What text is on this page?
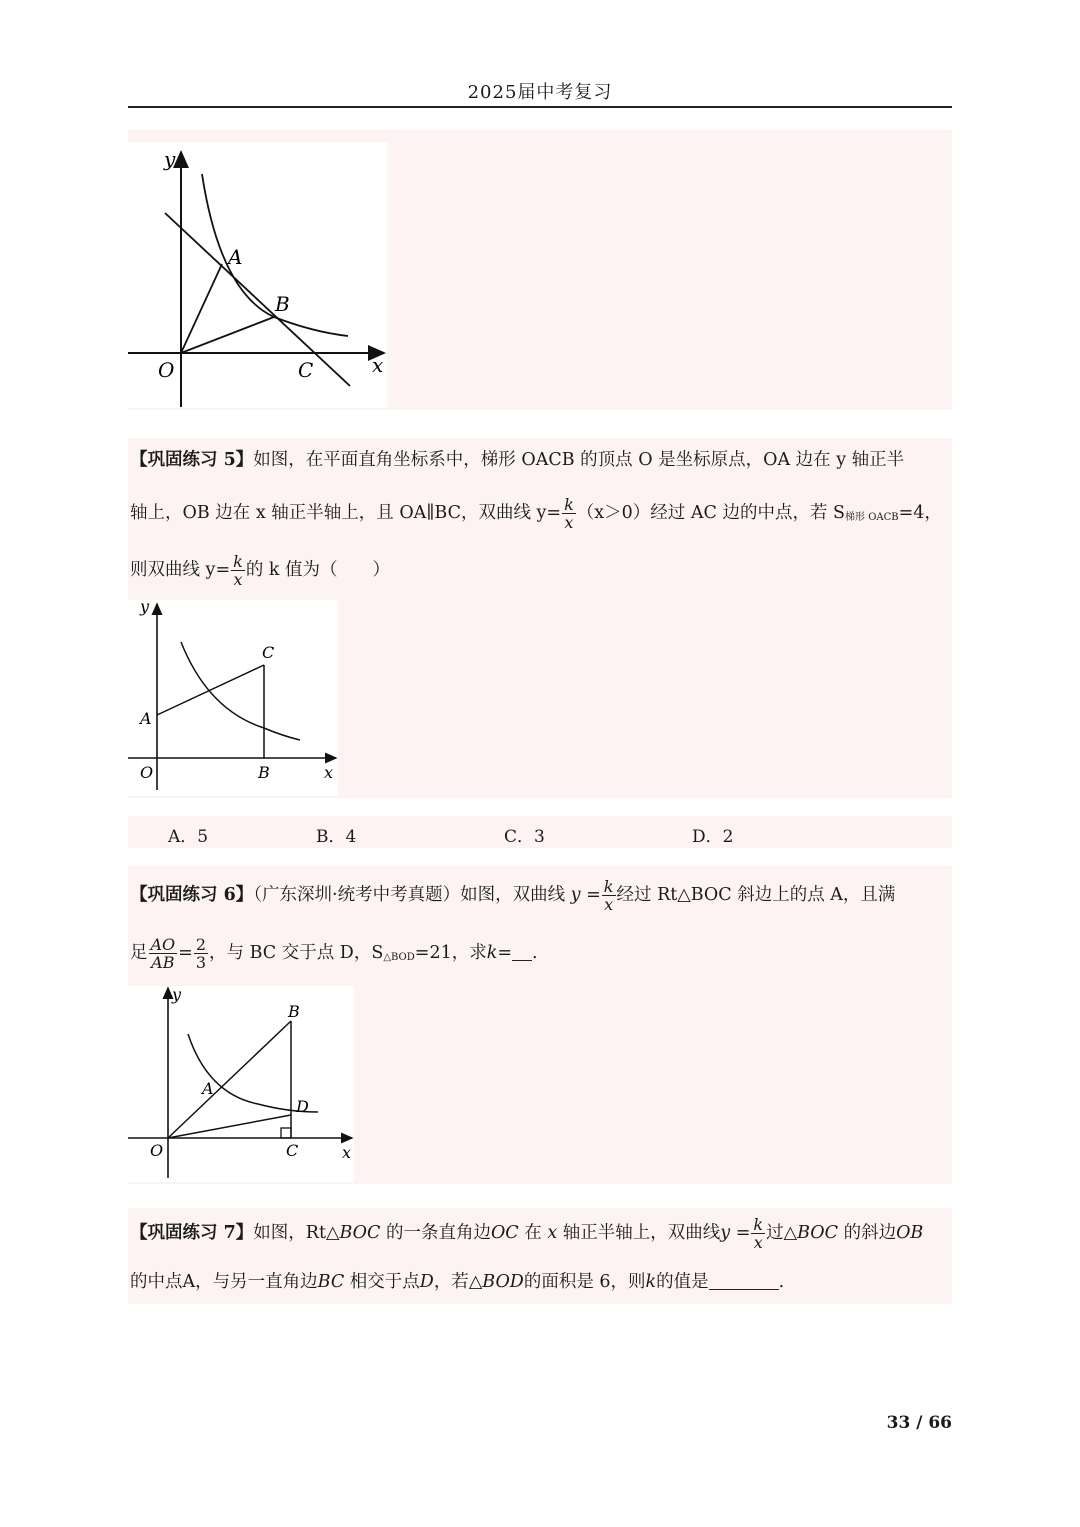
2025届中考复习
y
A
B
O	C	x
【巩固练习 5】如图，在平面直角坐标系中，梯形 OACB 的顶点 O 是坐标原点，OA 边在 y 轴正半
轴上，OB 边在 x 轴正半轴上，且 OA∥BC，双曲线 $y= \frac{k}{x} (x>0)$经过 AC 边的中点，若 $S_{梯形 OACB}=4$，
则双曲线 $y= \frac{k}{x}$ 的 k 值为（　　）
y
C
A
O	B	x
A．5	B．4	C．3	D．2
【巩固练习 6】（广东深圳·统考中考真题）如图，双曲线 $y = \frac{k}{x}$ 经过 Rt△BOC 斜边上的点 A，且满
足 $\frac{AO}{AB} = \frac{2}{3}$ ，与 BC 交于点 D，$S_{\triangle BOD}=21$，求k= .
y
B
A
D
O	C	x
【巩固练习 7】如图，Rt△BOC 的一条直角边OC 在 x 轴正半轴上，双曲线$y = \frac{k}{x}$ 过△BOC 的斜边OB
的中点A，与另一直角边BC 相交于点D，若△BOD的面积是 6，则k的值是	.
33 / 66
